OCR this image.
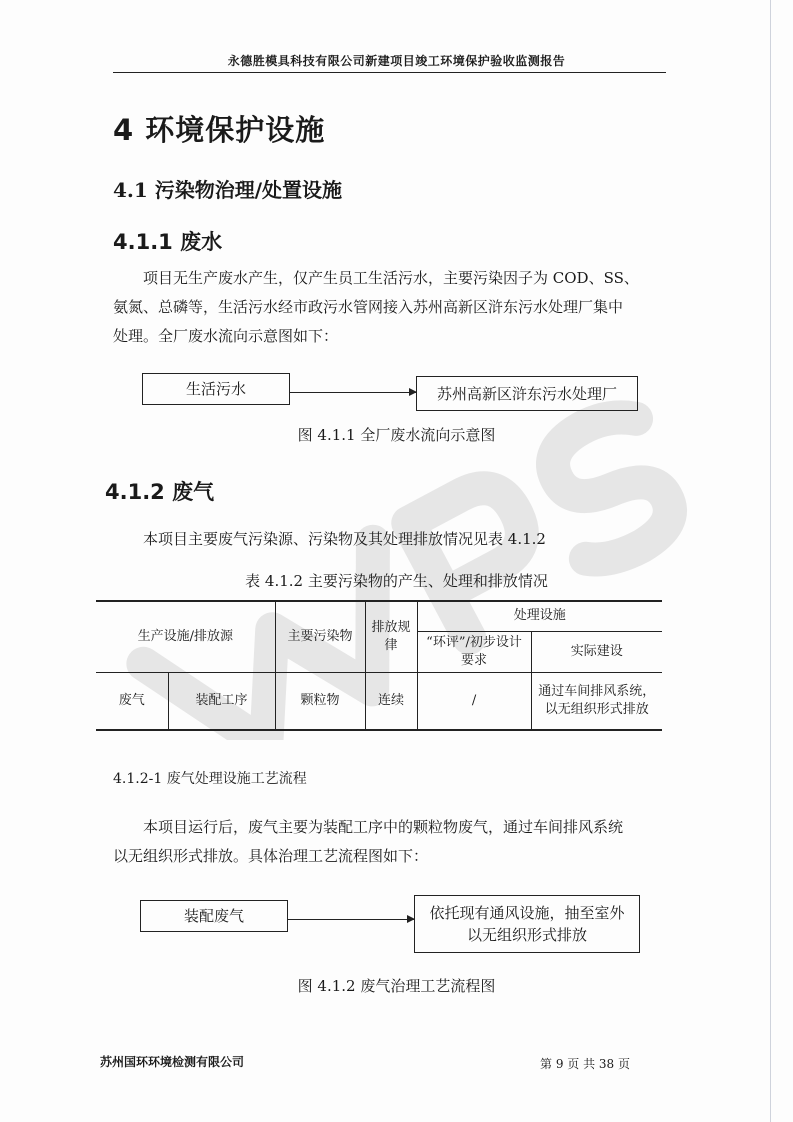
永德胜模具科技有限公司新建项目竣工环境保护验收监测报告
4 环境保护设施
4.1 污染物治理/处置设施
4.1.1 废水
项目无生产废水产生，仅产生员工生活污水，主要污染因子为 COD、SS、
氨氮、总磷等，生活污水经市政污水管网接入苏州高新区浒东污水处理厂集中
处理。全厂废水流向示意图如下：
生活污水	苏州高新区浒东污水处理厂
图 4.1.1 全厂废水流向示意图
4.1.2 废气
本项目主要废气污染源、污染物及其处理排放情况见表 4.1.2
表 4.1.2 主要污染物的产生、处理和排放情况
生产设施/排放源		主要污染物	排放规律	处理设施	
				“环评”/初步设计要求	实际建设
废气	装配工序	颗粒物	连续	/	通过车间排风系统，以无组织形式排放
4.1.2-1 废气处理设施工艺流程
本项目运行后，废气主要为装配工序中的颗粒物废气，通过车间排风系统
以无组织形式排放。具体治理工艺流程图如下：
装配废气	依托现有通风设施，抽至室外以无组织形式排放
图 4.1.2 废气治理工艺流程图
苏州国环环境检测有限公司	第 9 页 共 38 页
